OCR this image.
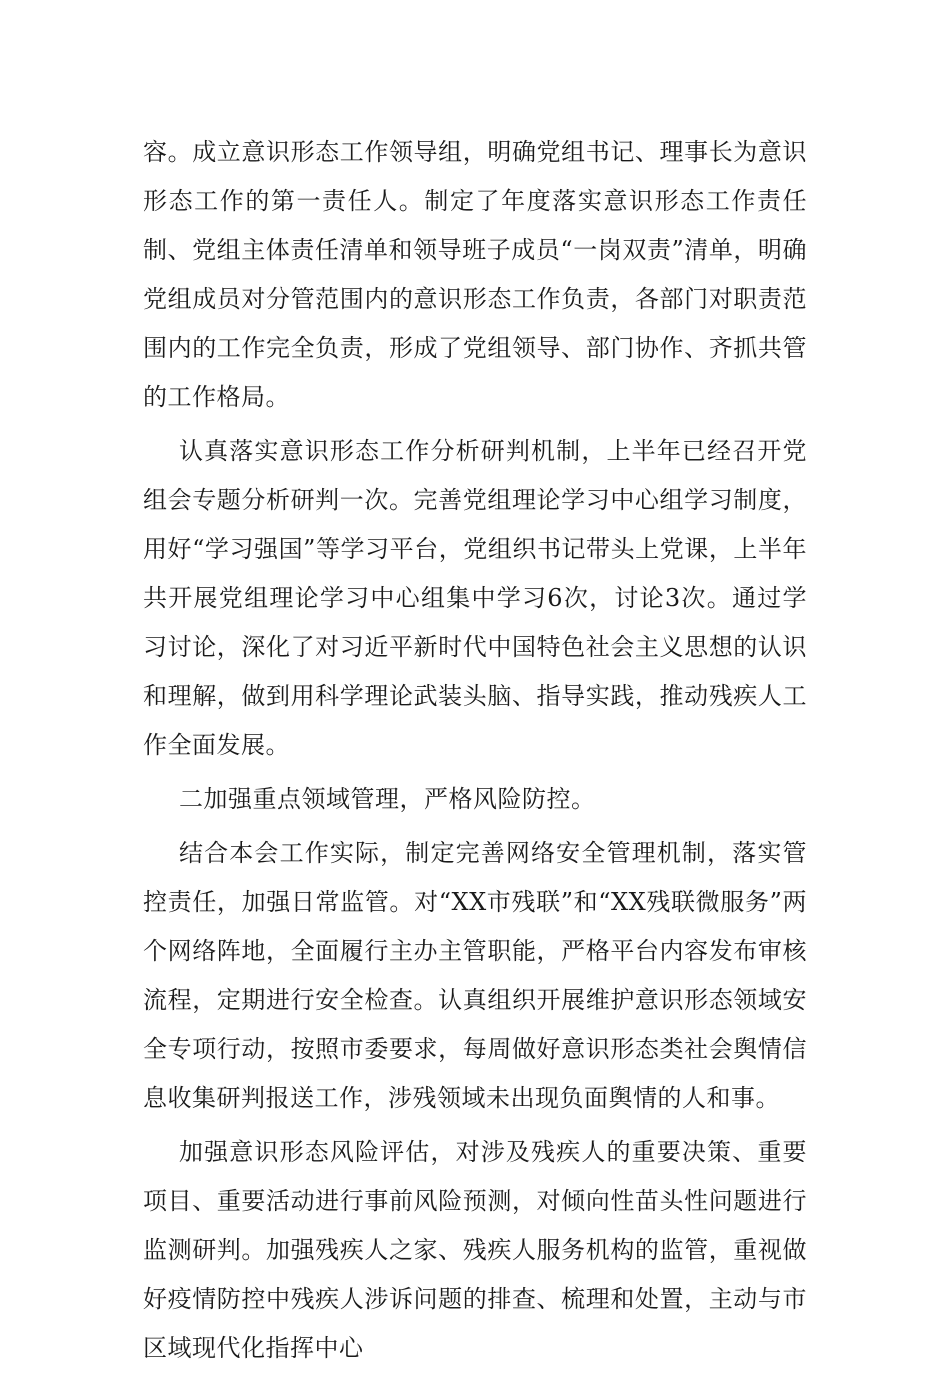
容。成立意识形态工作领导组，明确党组书记、理事长为意识形态工作的第一责任人。制定了年度落实意识形态工作责任制、党组主体责任清单和领导班子成员“一岗双责”清单，明确党组成员对分管范围内的意识形态工作负责，各部门对职责范围内的工作完全负责，形成了党组领导、部门协作、齐抓共管的工作格局。

认真落实意识形态工作分析研判机制，上半年已经召开党组会专题分析研判一次。完善党组理论学习中心组学习制度，用好“学习强国”等学习平台，党组织书记带头上党课，上半年共开展党组理论学习中心组集中学习6次，讨论3次。通过学习讨论，深化了对习近平新时代中国特色社会主义思想的认识和理解，做到用科学理论武装头脑、指导实践，推动残疾人工作全面发展。

二加强重点领域管理，严格风险防控。

结合本会工作实际，制定完善网络安全管理机制，落实管控责任，加强日常监管。对“XX市残联”和“XX残联微服务”两个网络阵地，全面履行主办主管职能，严格平台内容发布审核流程，定期进行安全检查。认真组织开展维护意识形态领域安全专项行动，按照市委要求，每周做好意识形态类社会舆情信息收集研判报送工作，涉残领域未出现负面舆情的人和事。

加强意识形态风险评估，对涉及残疾人的重要决策、重要项目、重要活动进行事前风险预测，对倾向性苗头性问题进行监测研判。加强残疾人之家、残疾人服务机构的监管，重视做好疫情防控中残疾人涉诉问题的排查、梳理和处置，主动与市区域现代化指挥中心
